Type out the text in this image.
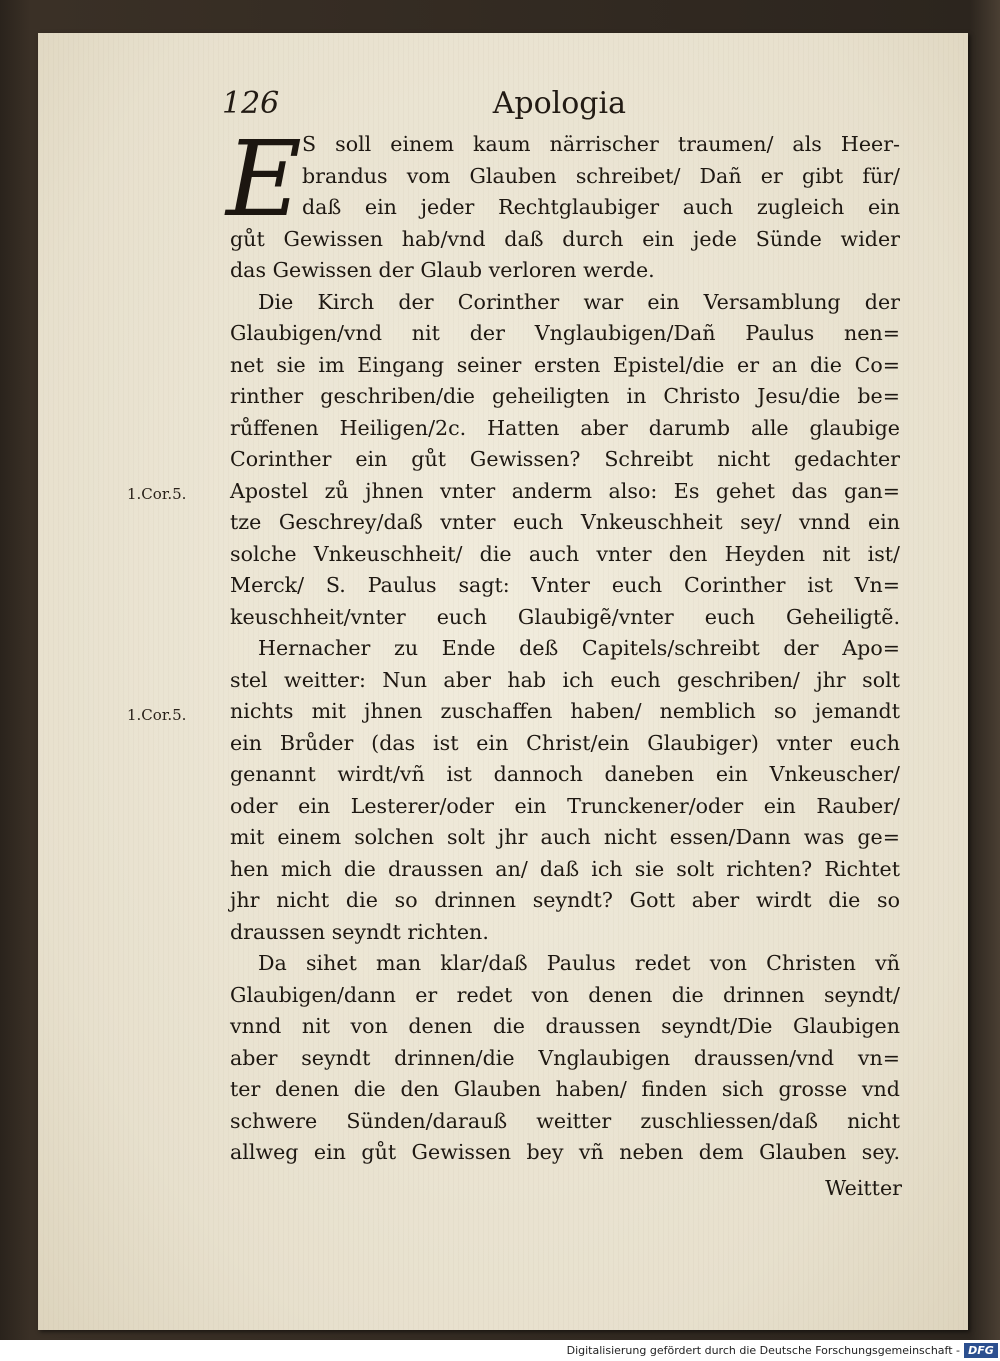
126	Apologia
E S soll einem kaum närrischer traumen/ als Heer-
brandus vom Glauben schreibet/ Dañ er gibt für/
daß ein jeder Rechtglaubiger auch zugleich ein
gůt Gewissen hab/vnd daß durch ein jede Sünde wider
das Gewissen der Glaub verloren werde.
Die Kirch der Corinther war ein Versamblung der
Glaubigen/vnd nit der Vnglaubigen/Dañ Paulus nen=
net sie im Eingang seiner ersten Epistel/die er an die Co=
rinther geschriben/die geheiligten in Christo Jesu/die be=
růffenen Heiligen/2c. Hatten aber darumb alle glaubige
Corinther ein gůt Gewissen? Schreibt nicht gedachter
Apostel zů jhnen vnter anderm also: Es gehet das gan=
tze Geschrey/daß vnter euch Vnkeuschheit sey/ vnnd ein
solche Vnkeuschheit/ die auch vnter den Heyden nit ist/
Merck/ S. Paulus sagt: Vnter euch Corinther ist Vn=
keuschheit/vnter euch Glaubigẽ/vnter euch Geheiligtẽ.
Hernacher zu Ende deß Capitels/schreibt der Apo=
stel weitter: Nun aber hab ich euch geschriben/ jhr solt
nichts mit jhnen zuschaffen haben/ nemblich so jemandt
ein Brůder (das ist ein Christ/ein Glaubiger) vnter euch
genannt wirdt/vñ ist dannoch daneben ein Vnkeuscher/
oder ein Lesterer/oder ein Trunckener/oder ein Rauber/
mit einem solchen solt jhr auch nicht essen/Dann was ge=
hen mich die draussen an/ daß ich sie solt richten? Richtet
jhr nicht die so drinnen seyndt? Gott aber wirdt die so
draussen seyndt richten.
Da sihet man klar/daß Paulus redet von Christen vñ
Glaubigen/dann er redet von denen die drinnen seyndt/
vnnd nit von denen die draussen seyndt/Die Glaubigen
aber seyndt drinnen/die Vnglaubigen draussen/vnd vn=
ter denen die den Glauben haben/ finden sich grosse vnd
schwere Sünden/darauß weitter zuschliessen/daß nicht
allweg ein gůt Gewissen bey vñ neben dem Glauben sey.
1.Cor.5.
1.Cor.5.
Weitter
Digitalisierung gefördert durch die Deutsche Forschungsgemeinschaft - DFG
